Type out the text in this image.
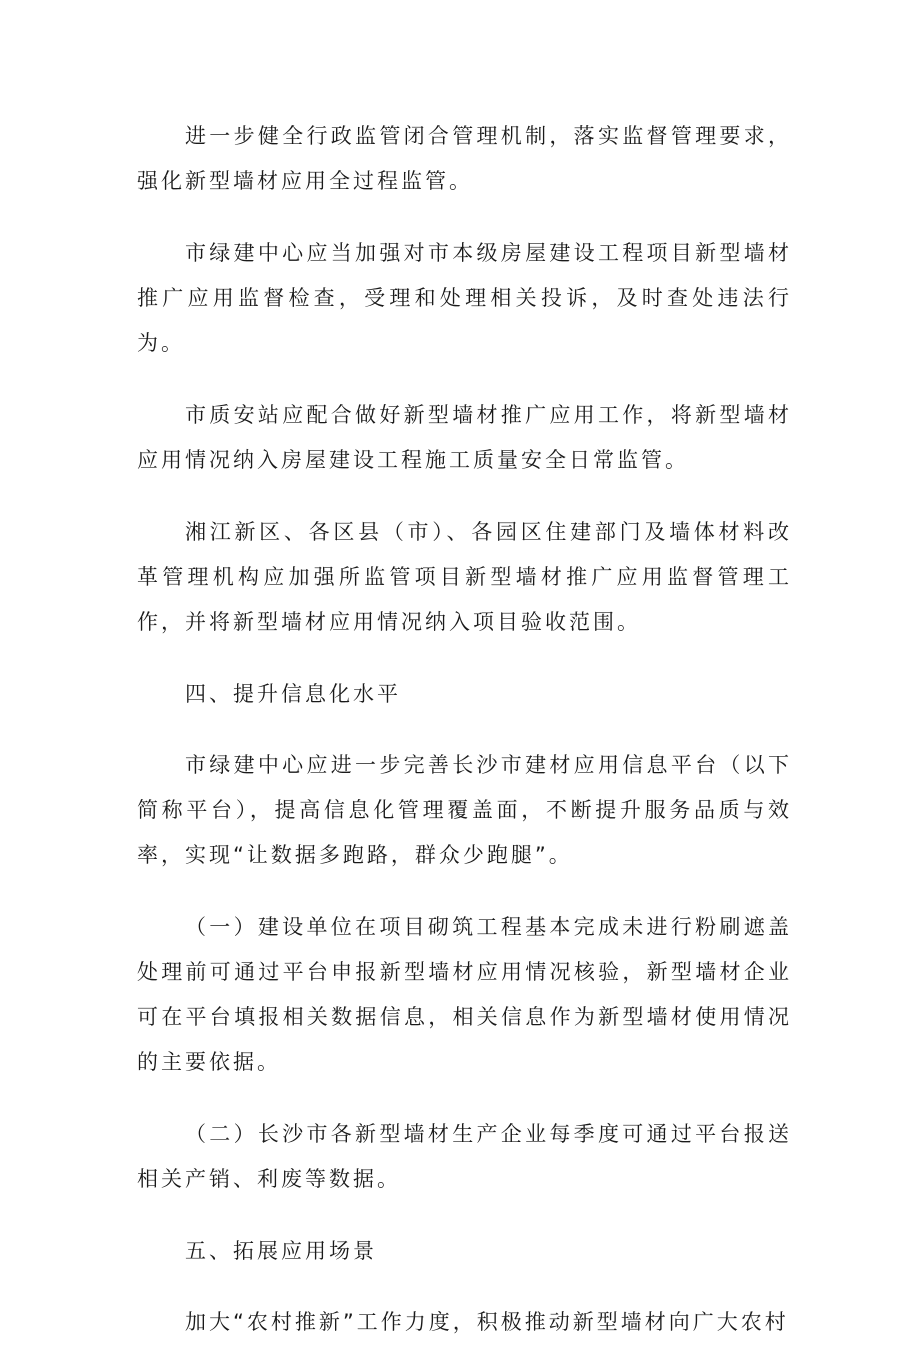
进一步健全行政监管闭合管理机制，落实监督管理要求，强化新型墙材应用全过程监管。

市绿建中心应当加强对市本级房屋建设工程项目新型墙材推广应用监督检查，受理和处理相关投诉，及时查处违法行为。

市质安站应配合做好新型墙材推广应用工作，将新型墙材应用情况纳入房屋建设工程施工质量安全日常监管。

湘江新区、各区县（市）、各园区住建部门及墙体材料改革管理机构应加强所监管项目新型墙材推广应用监督管理工作，并将新型墙材应用情况纳入项目验收范围。

四、提升信息化水平

市绿建中心应进一步完善长沙市建材应用信息平台（以下简称平台），提高信息化管理覆盖面，不断提升服务品质与效率，实现“让数据多跑路，群众少跑腿”。

（一）建设单位在项目砌筑工程基本完成未进行粉刷遮盖处理前可通过平台申报新型墙材应用情况核验，新型墙材企业可在平台填报相关数据信息，相关信息作为新型墙材使用情况的主要依据。

（二）长沙市各新型墙材生产企业每季度可通过平台报送相关产销、利废等数据。

五、拓展应用场景

加大“农村推新”工作力度，积极推动新型墙材向广大农村
